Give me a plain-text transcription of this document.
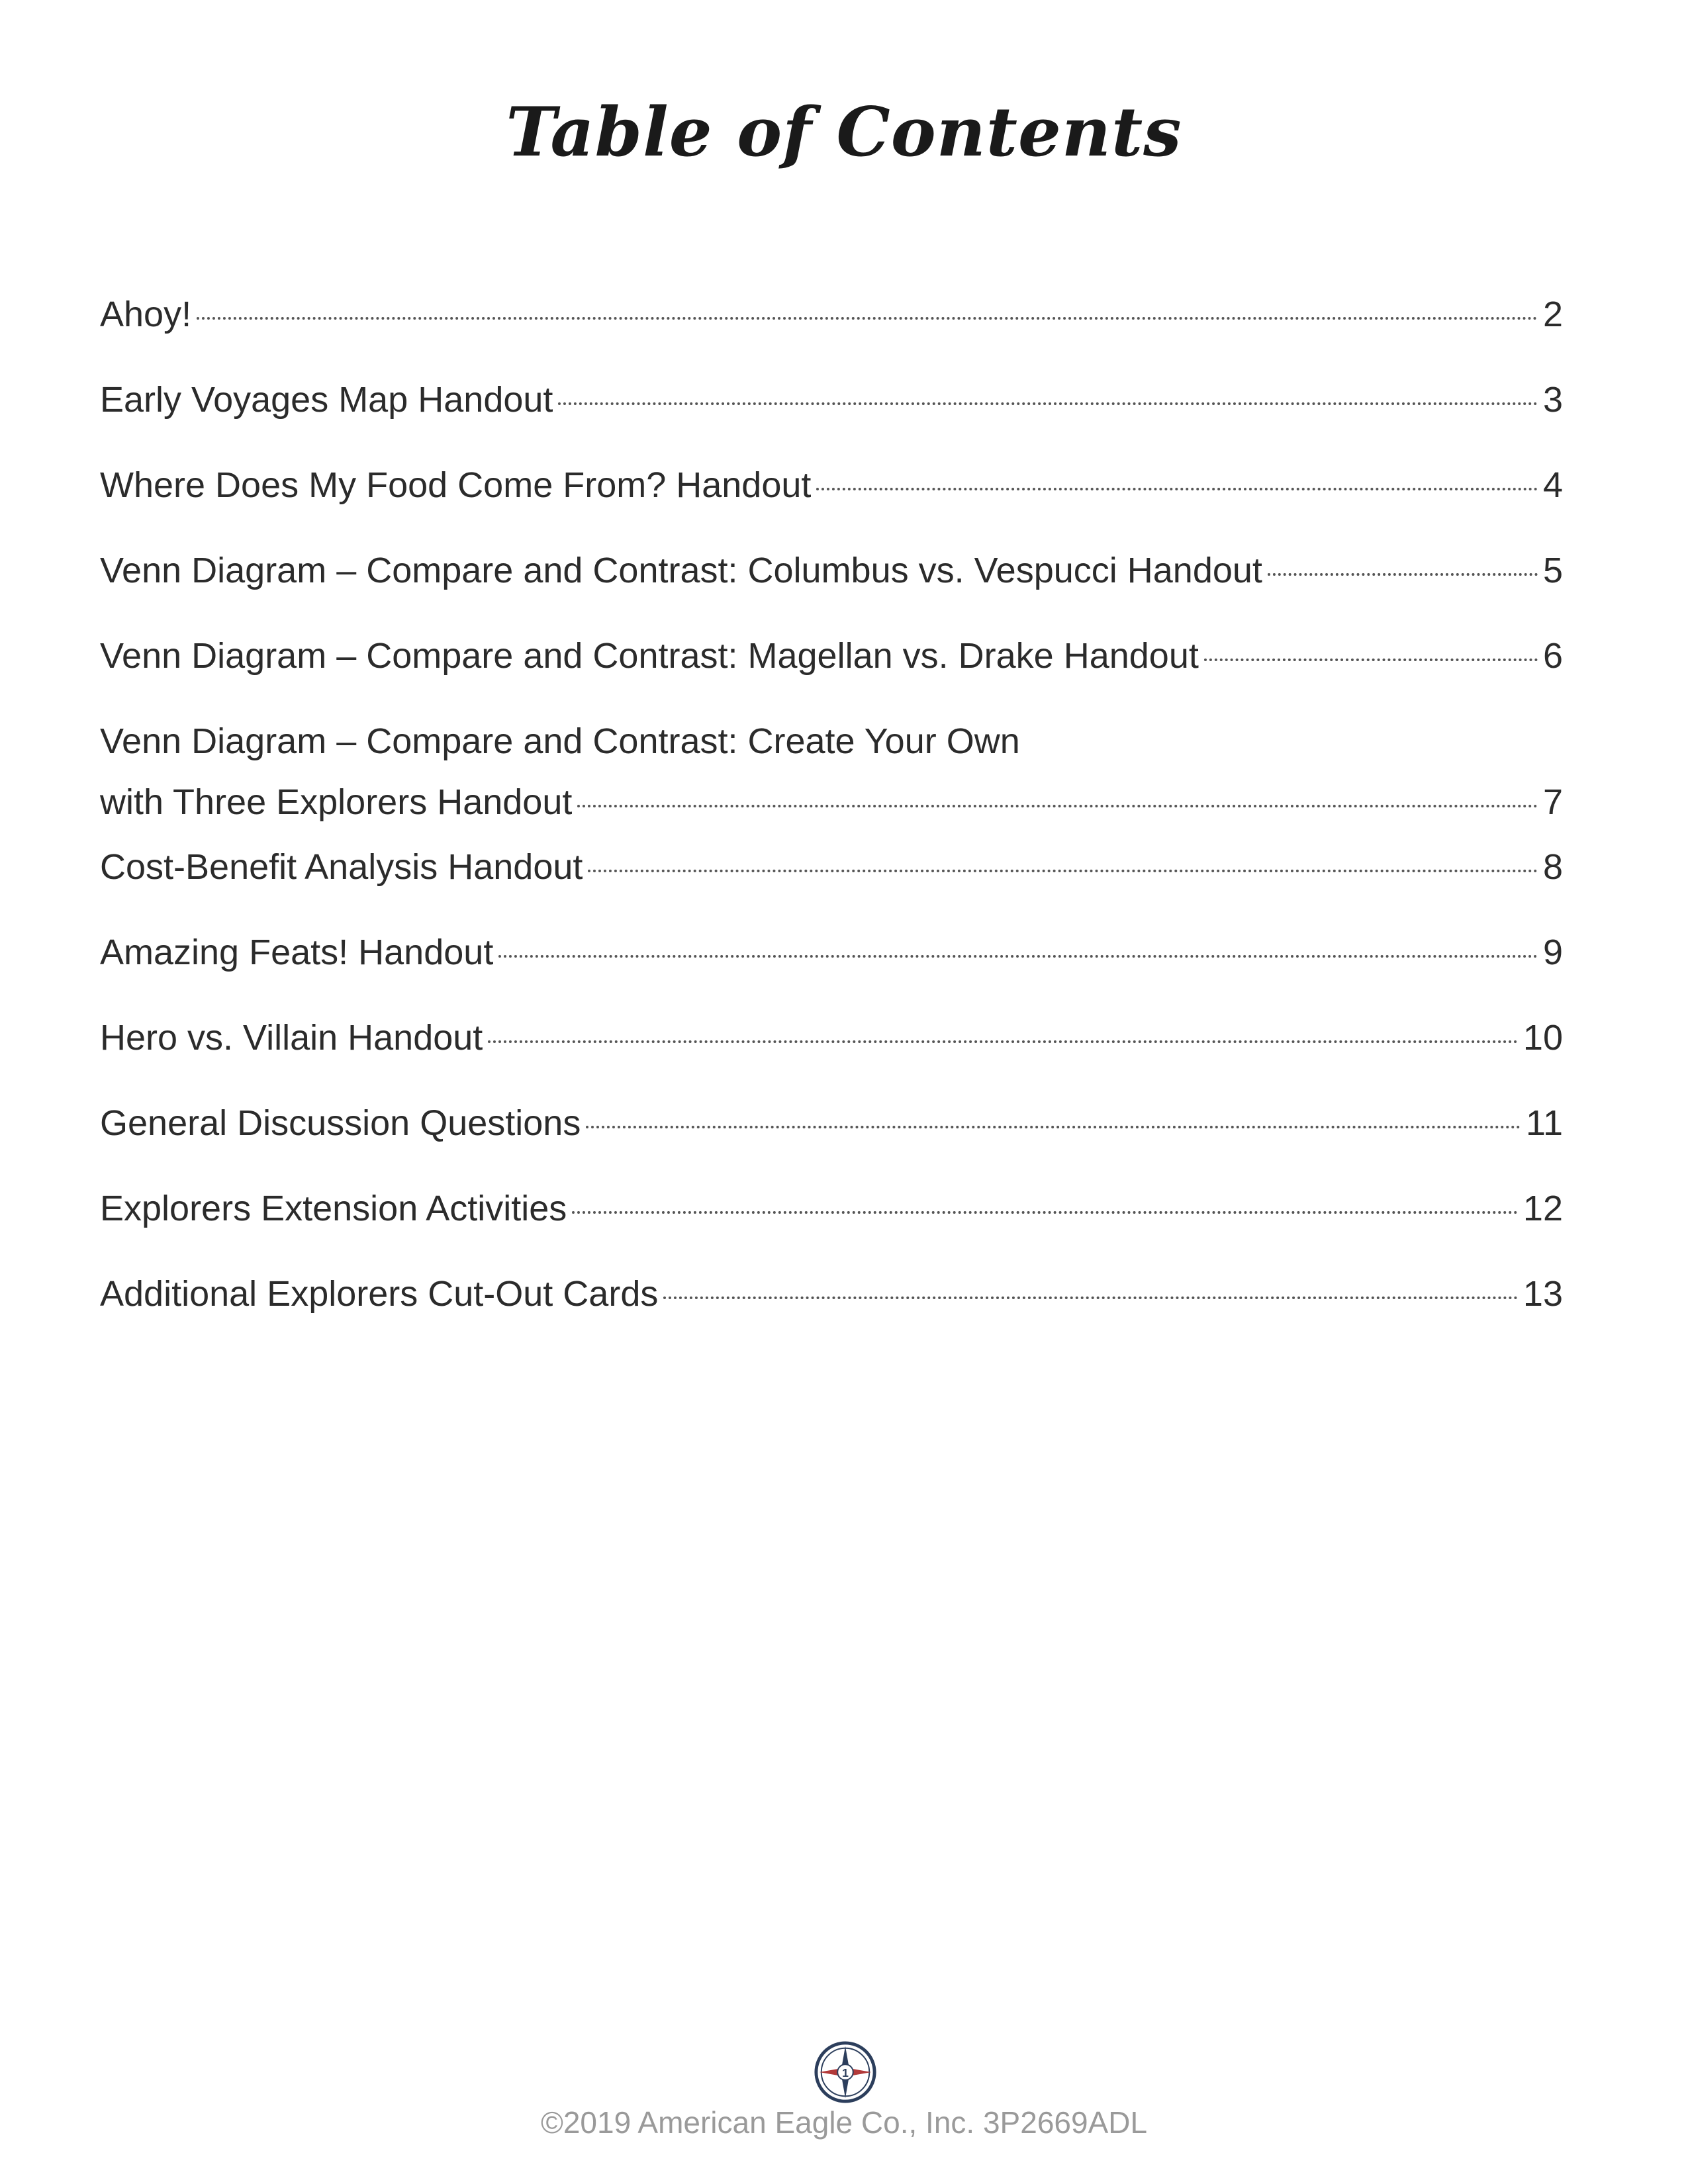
Table of Contents
Ahoy!	2
Early Voyages Map Handout	3
Where Does My Food Come From? Handout	4
Venn Diagram – Compare and Contrast: Columbus vs. Vespucci Handout	5
Venn Diagram – Compare and Contrast: Magellan vs. Drake Handout	6
Venn Diagram – Compare and Contrast: Create Your Own
with Three Explorers Handout	7
Cost-Benefit Analysis Handout	8
Amazing Feats! Handout	9
Hero vs. Villain Handout	10
General Discussion Questions	11
Explorers Extension Activities	12
Additional Explorers Cut-Out Cards	13
1
©2019 American Eagle Co., Inc. 3P2669ADL
